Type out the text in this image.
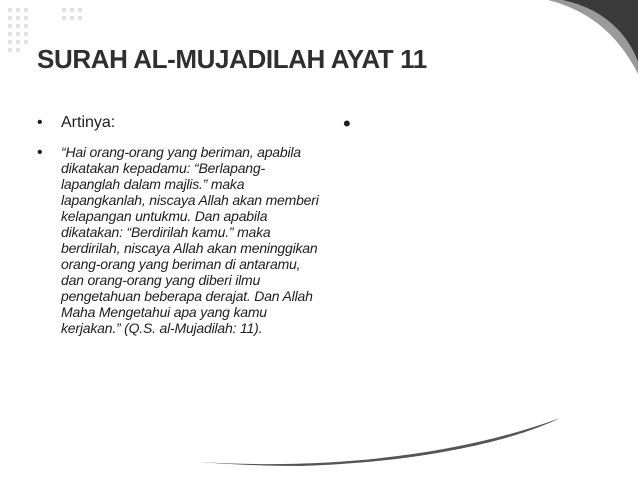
SURAH AL-MUJADILAH AYAT 11
• Artinya:
• “Hai orang-orang yang beriman, apabila dikatakan kepadamu: “Berlapang-lapanglah dalam majlis.” maka lapangkanlah, niscaya Allah akan memberi kelapangan untukmu. Dan apabila dikatakan: “Berdirilah kamu.” maka berdirilah, niscaya Allah akan meninggikan orang-orang yang beriman di antaramu, dan orang-orang yang diberi ilmu pengetahuan beberapa derajat. Dan Allah Maha Mengetahui apa yang kamu kerjakan.” (Q.S. al-Mujadilah: 11).
•
